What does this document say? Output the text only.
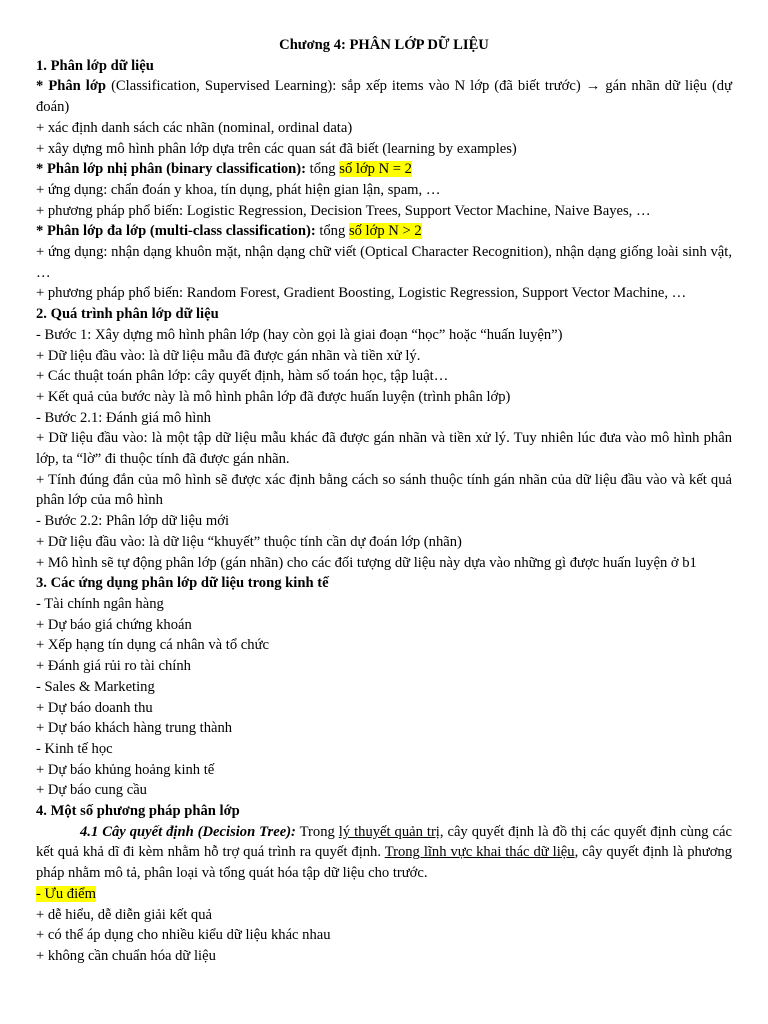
Chương 4: PHÂN LỚP DỮ LIỆU

1. Phân lớp dữ liệu

* Phân lớp (Classification, Supervised Learning): sắp xếp items vào N lớp (đã biết trước) → gán nhãn dữ liệu (dự đoán)

+ xác định danh sách các nhãn (nominal, ordinal data)

+ xây dựng mô hình phân lớp dựa trên các quan sát đã biết (learning by examples)

* Phân lớp nhị phân (binary classification): tổng số lớp N = 2

+ ứng dụng: chẩn đoán y khoa, tín dụng, phát hiện gian lận, spam, …

+ phương pháp phổ biến: Logistic Regression, Decision Trees, Support Vector Machine, Naive Bayes, …

* Phân lớp đa lớp (multi-class classification): tổng số lớp N > 2

+ ứng dụng: nhận dạng khuôn mặt, nhận dạng chữ viết (Optical Character Recognition), nhận dạng giống loài sinh vật, …

+ phương pháp phổ biến: Random Forest, Gradient Boosting, Logistic Regression, Support Vector Machine, …

2. Quá trình phân lớp dữ liệu

- Bước 1: Xây dựng mô hình phân lớp (hay còn gọi là giai đoạn “học” hoặc “huấn luyện”)

+ Dữ liệu đầu vào: là dữ liệu mẫu đã được gán nhãn và tiền xử lý.

+ Các thuật toán phân lớp: cây quyết định, hàm số toán học, tập luật…

+ Kết quả của bước này là mô hình phân lớp đã được huấn luyện (trình phân lớp)

- Bước 2.1: Đánh giá mô hình

+ Dữ liệu đầu vào: là một tập dữ liệu mẫu khác đã được gán nhãn và tiền xử lý. Tuy nhiên lúc đưa vào mô hình phân lớp, ta “lờ” đi thuộc tính đã được gán nhãn.

+ Tính đúng đắn của mô hình sẽ được xác định bằng cách so sánh thuộc tính gán nhãn của dữ liệu đầu vào và kết quả phân lớp của mô hình

- Bước 2.2: Phân lớp dữ liệu mới

+ Dữ liệu đầu vào: là dữ liệu “khuyết” thuộc tính cần dự đoán lớp (nhãn)

+ Mô hình sẽ tự động phân lớp (gán nhãn) cho các đối tượng dữ liệu này dựa vào những gì được huấn luyện ở b1

3. Các ứng dụng phân lớp dữ liệu trong kinh tế

- Tài chính ngân hàng

+ Dự báo giá chứng khoán

+ Xếp hạng tín dụng cá nhân và tổ chức

+ Đánh giá rủi ro tài chính

- Sales & Marketing

+ Dự báo doanh thu

+ Dự báo khách hàng trung thành

- Kinh tế học

+ Dự báo khủng hoảng kinh tế

+ Dự báo cung cầu

4. Một số phương pháp phân lớp

4.1 Cây quyết định (Decision Tree): Trong lý thuyết quản trị, cây quyết định là đồ thị các quyết định cùng các kết quả khả dĩ đi kèm nhằm hỗ trợ quá trình ra quyết định. Trong lĩnh vực khai thác dữ liệu, cây quyết định là phương pháp nhằm mô tả, phân loại và tổng quát hóa tập dữ liệu cho trước.

- Ưu điểm

+ dễ hiểu, dễ diễn giải kết quả

+ có thể áp dụng cho nhiều kiểu dữ liệu khác nhau

+ không cần chuẩn hóa dữ liệu
